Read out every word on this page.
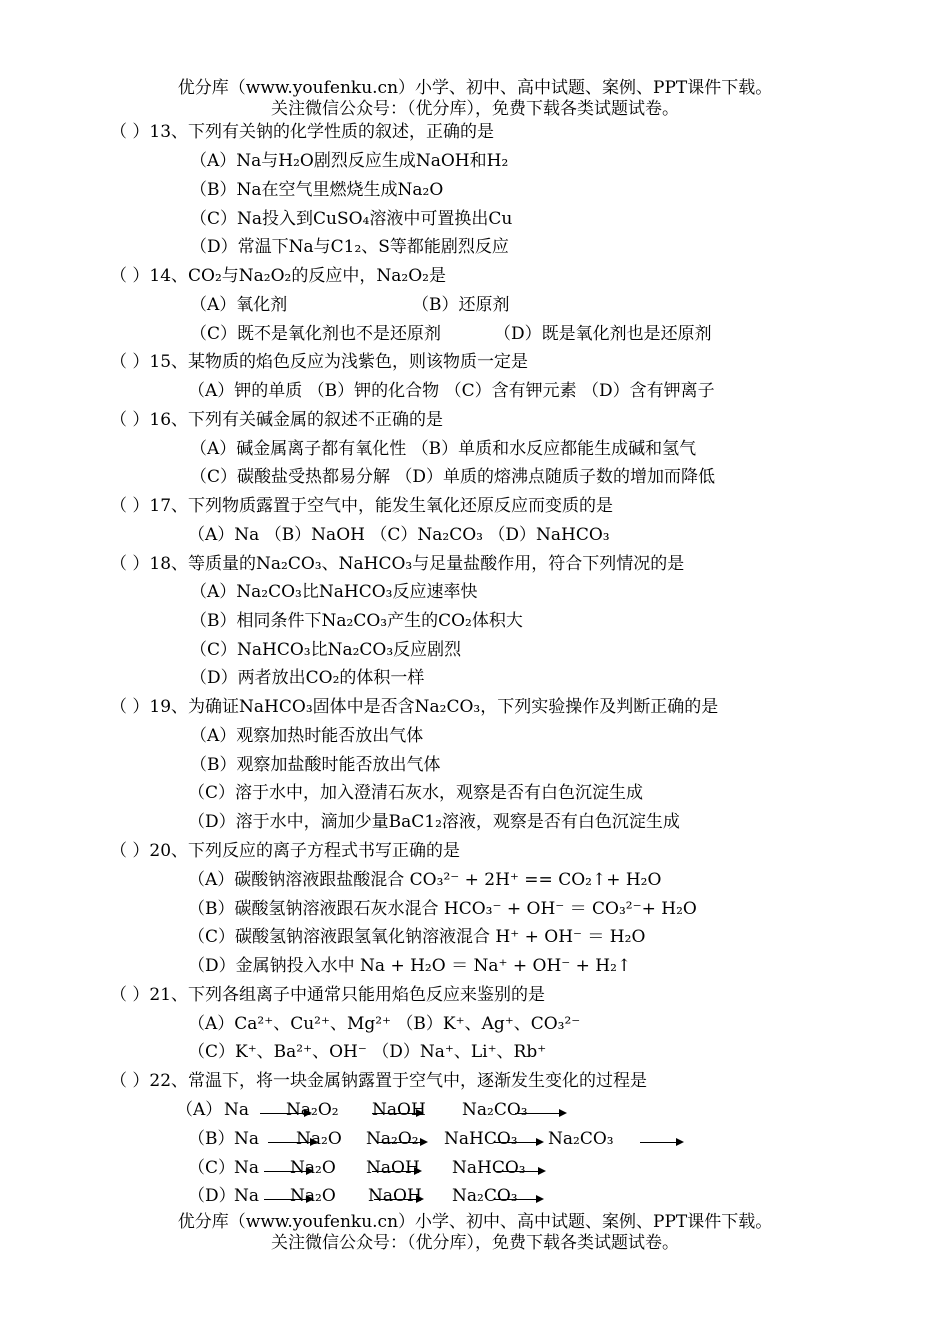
优分库（www.youfenku.cn）小学、初中、高中试题、案例、PPT课件下载。
关注微信公众号：（优分库），免费下载各类试题试卷。
（ ）13、下列有关钠的化学性质的叙述，正确的是
（A）Na与H₂O剧烈反应生成NaOH和H₂
（B）Na在空气里燃烧生成Na₂O
（C）Na投入到CuSO₄溶液中可置换出Cu
（D）常温下Na与C1₂、S等都能剧烈反应
（ ）14、CO₂与Na₂O₂的反应中，Na₂O₂是
（A）氧化剂	（B）还原剂
（C）既不是氧化剂也不是还原剂	（D）既是氧化剂也是还原剂
（ ）15、某物质的焰色反应为浅紫色，则该物质一定是
（A）钾的单质 （B）钾的化合物 （C）含有钾元素 （D）含有钾离子
（ ）16、下列有关碱金属的叙述不正确的是
（A）碱金属离子都有氧化性 （B）单质和水反应都能生成碱和氢气
（C）碳酸盐受热都易分解 （D）单质的熔沸点随质子数的增加而降低
（ ）17、下列物质露置于空气中，能发生氧化还原反应而变质的是
（A）Na （B）NaOH （C）Na₂CO₃ （D）NaHCO₃
（ ）18、等质量的Na₂CO₃、NaHCO₃与足量盐酸作用，符合下列情况的是
（A）Na₂CO₃比NaHCO₃反应速率快
（B）相同条件下Na₂CO₃产生的CO₂体积大
（C）NaHCO₃比Na₂CO₃反应剧烈
（D）两者放出CO₂的体积一样
（ ）19、为确证NaHCO₃固体中是否含Na₂CO₃，下列实验操作及判断正确的是
（A）观察加热时能否放出气体
（B）观察加盐酸时能否放出气体
（C）溶于水中，加入澄清石灰水，观察是否有白色沉淀生成
（D）溶于水中，滴加少量BaC1₂溶液，观察是否有白色沉淀生成
（ ）20、下列反应的离子方程式书写正确的是
（A）碳酸钠溶液跟盐酸混合 CO₃²⁻ + 2H⁺ == CO₂↑+ H₂O
（B）碳酸氢钠溶液跟石灰水混合 HCO₃⁻ + OH⁻ ＝ CO₃²⁻+ H₂O
（C）碳酸氢钠溶液跟氢氧化钠溶液混合 H⁺ + OH⁻ ＝ H₂O
（D）金属钠投入水中 Na + H₂O ＝ Na⁺ + OH⁻ + H₂↑
（ ）21、下列各组离子中通常只能用焰色反应来鉴别的是
（A）Ca²⁺、Cu²⁺、Mg²⁺ （B）K⁺、Ag⁺、CO₃²⁻
（C）K⁺、Ba²⁺、OH⁻ （D）Na⁺、Li⁺、Rb⁺
（ ）22、常温下，将一块金属钠露置于空气中，逐渐发生变化的过程是
（A） Na Na₂O₂ NaOH Na₂CO₃
（B） Na Na₂O Na₂O₂ NaHCO₃ Na₂CO₃
（C）
Na Na₂O NaOH NaHCO₃
（D）
Na Na₂O NaOH Na₂CO₃
优分库（www.youfenku.cn）小学、初中、高中试题、案例、PPT课件下载。
关注微信公众号：（优分库），免费下载各类试题试卷。
